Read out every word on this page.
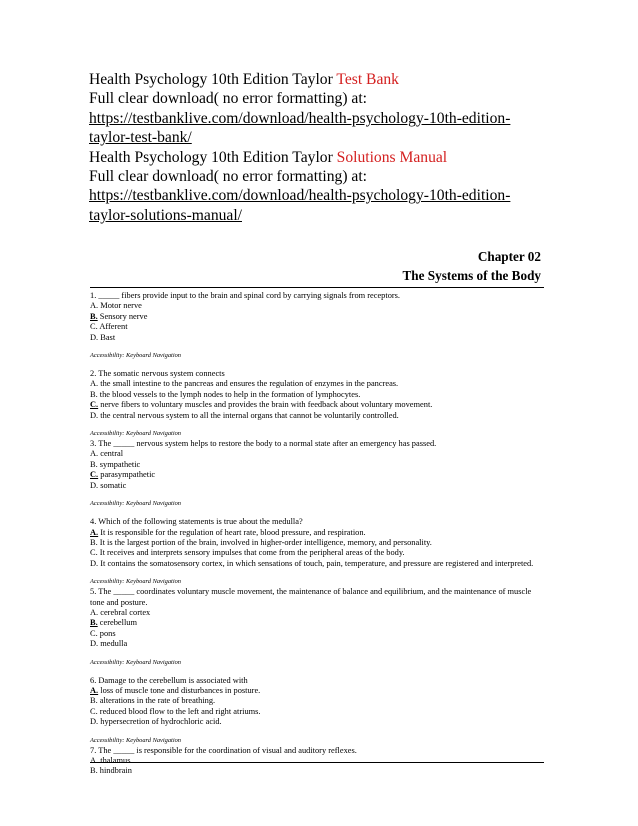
Health Psychology 10th Edition Taylor Test Bank
Full clear download( no error formatting) at:
https://testbanklive.com/download/health-psychology-10th-edition-
taylor-test-bank/
Health Psychology 10th Edition Taylor Solutions Manual
Full clear download( no error formatting) at:
https://testbanklive.com/download/health-psychology-10th-edition-
taylor-solutions-manual/
Chapter 02
The Systems of the Body
1. _____ fibers provide input to the brain and spinal cord by carrying signals from receptors.
A. Motor nerve
B. Sensory nerve
C. Afferent
D. Bast
Accessibility: Keyboard Navigation
2. The somatic nervous system connects
A. the small intestine to the pancreas and ensures the regulation of enzymes in the pancreas.
B. the blood vessels to the lymph nodes to help in the formation of lymphocytes.
C. nerve fibers to voluntary muscles and provides the brain with feedback about voluntary movement.
D. the central nervous system to all the internal organs that cannot be voluntarily controlled.
Accessibility: Keyboard Navigation
3. The _____ nervous system helps to restore the body to a normal state after an emergency has passed.
A. central
B. sympathetic
C. parasympathetic
D. somatic
Accessibility: Keyboard Navigation
4. Which of the following statements is true about the medulla?
A. It is responsible for the regulation of heart rate, blood pressure, and respiration.
B. It is the largest portion of the brain, involved in higher-order intelligence, memory, and personality.
C. It receives and interprets sensory impulses that come from the peripheral areas of the body.
D. It contains the somatosensory cortex, in which sensations of touch, pain, temperature, and pressure are registered and interpreted.
Accessibility: Keyboard Navigation
5. The _____ coordinates voluntary muscle movement, the maintenance of balance and equilibrium, and the maintenance of muscle tone and posture.
A. cerebral cortex
B. cerebellum
C. pons
D. medulla
Accessibility: Keyboard Navigation
6. Damage to the cerebellum is associated with
A. loss of muscle tone and disturbances in posture.
B. alterations in the rate of breathing.
C. reduced blood flow to the left and right atriums.
D. hypersecretion of hydrochloric acid.
Accessibility: Keyboard Navigation
7. The _____ is responsible for the coordination of visual and auditory reflexes.
A. thalamus
B. hindbrain
